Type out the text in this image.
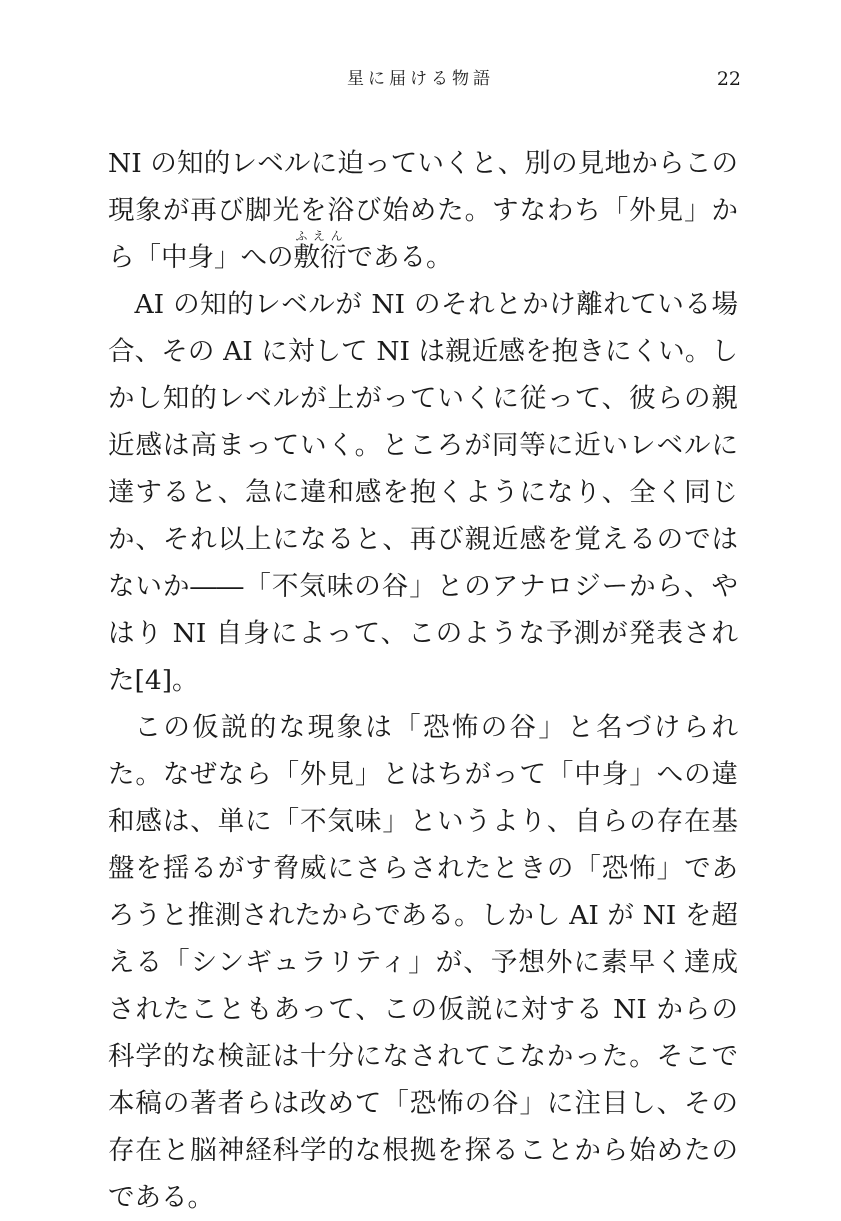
星に届ける物語	22

NI の知的レベルに迫っていくと、別の見地からこの現象が再び脚光を浴び始めた。すなわち「外見」から「中身」への敷衍ふえんである。

AI の知的レベルが NI のそれとかけ離れている場合、その AI に対して NI は親近感を抱きにくい。しかし知的レベルが上がっていくに従って、彼らの親近感は高まっていく。ところが同等に近いレベルに達すると、急に違和感を抱くようになり、全く同じか、それ以上になると、再び親近感を覚えるのではないか――「不気味の谷」とのアナロジーから、やはり NI 自身によって、このような予測が発表された[4]。

この仮説的な現象は「恐怖の谷」と名づけられた。なぜなら「外見」とはちがって「中身」への違和感は、単に「不気味」というより、自らの存在基盤を揺るがす脅威にさらされたときの「恐怖」であろうと推測されたからである。しかし AI が NI を超える「シンギュラリティ」が、予想外に素早く達成されたこともあって、この仮説に対する NI からの科学的な検証は十分になされてこなかった。そこで本稿の著者らは改めて「恐怖の谷」に注目し、その存在と脳神経科学的な根拠を探ることから始めたのである。
